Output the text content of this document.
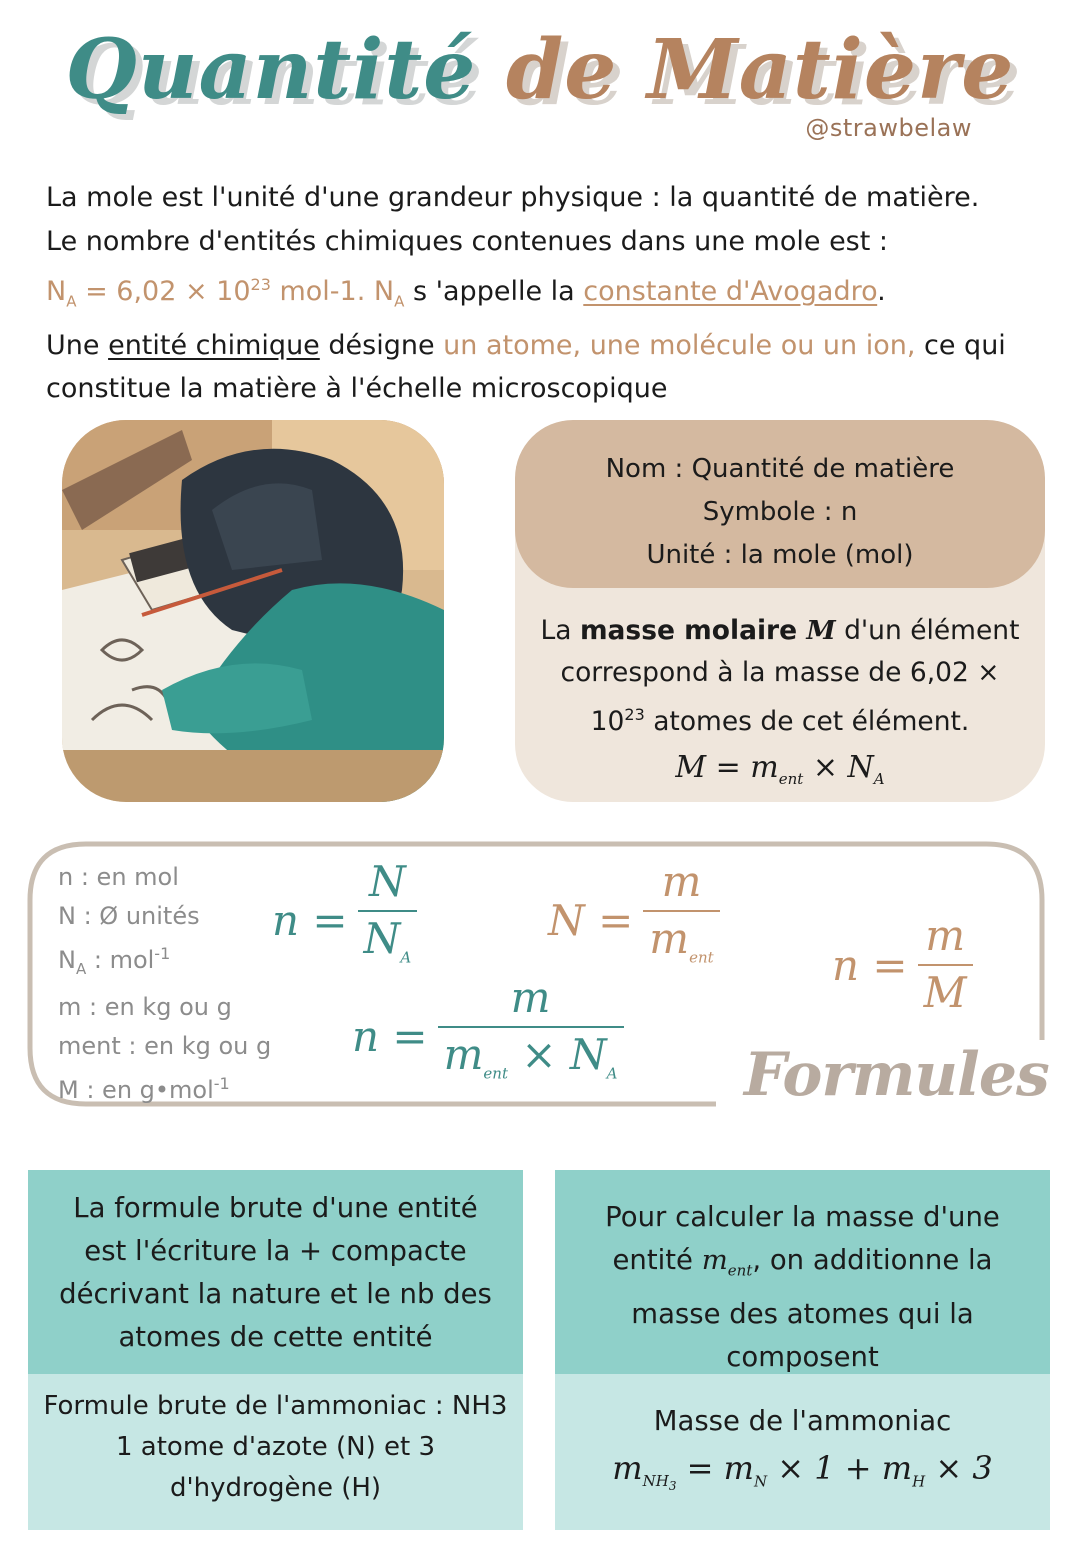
Quantité de Matière
@strawbelaw

La mole est l'unité d'une grandeur physique : la quantité de matière.

Le nombre d'entités chimiques contenues dans une mole est :

$N_A = 6,02 \times 10^{23}$ mol-1. $N_A$ s 'appelle la constante d'Avogadro.

Une entité chimique désigne un atome, une molécule ou un ion, ce qui

constitue la matière à l'échelle microscopique

Nom : Quantité de matière
Symbole : n
Unité : la mole (mol)
La masse molaire M d'un élément
correspond à la masse de 6,02 ×
$10^{23}$ atomes de cet élément.
$M = m_{ent} \times N_A$
n : en mol
N : Ø unités
$N_A$ : mol$^{-1}$
m : en kg ou g
ment : en kg ou g
M : en g•mol$^{-1}$
$n = \frac{N}{N_A}$	$N = \frac{m}{m_{ent}}$	$n = \frac{m}{M}$
$n = \frac{m}{m_{ent} \times N_A}$ Formules
La formule brute d'une entité
est l'écriture la + compacte
décrivant la nature et le nb des
atomes de cette entité
Formule brute de l'ammoniac : NH3
1 atome d'azote (N) et 3
d'hydrogène (H)
Pour calculer la masse d'une
entité $m_{ent}$, on additionne la
masse des atomes qui la
composent
Masse de l'ammoniac
$m_{NH_3} = m_N \times 1 + m_H \times 3$
